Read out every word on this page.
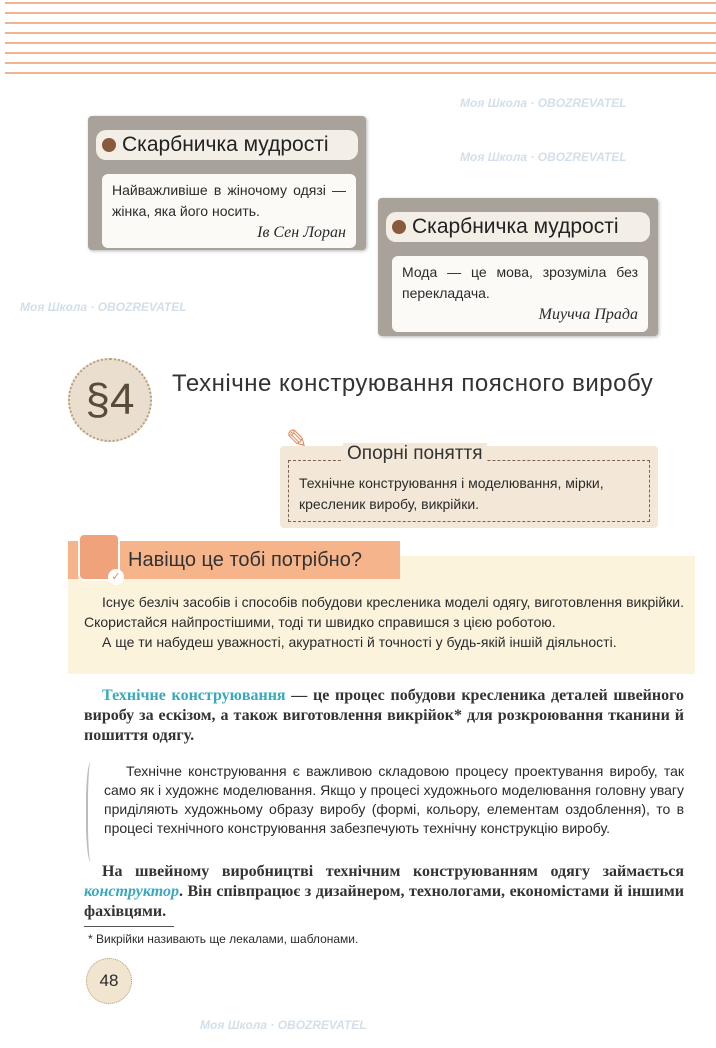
Моя Школа · OBOZREVATEL
Моя Школа · OBOZREVATEL
Моя Школа · OBOZREVATEL
Моя Школа · OBOZREVATEL
Скарбничка мудрості
Найважливіше в жіночому одязі — жінка, яка його носить.
Ів Сен Лоран	Скарбничка мудрості
Мода — це мова, зрозуміла без перекладача.
Миучча Прада
§4	Технічне конструювання поясного виробу
Опорні поняття
Технічне конструювання і моделювання, мірки, кресленик виробу, викрійки.
✎
Навіщо це тобі потрібно?
✓

Існує безліч засобів і способів побудови кресленика моделі одягу, виготовлення викрійки. Скористайся найпростішими, тоді ти швидко справишся з цією роботою.

А ще ти набудеш уважності, акуратності й точності у будь-якій іншій діяльності.

Технічне конструювання — це процес побудови кресленика деталей швейного виробу за ескізом, а також виготовлення викрійок* для розкроювання тканини й пошиття одягу.

Технічне конструювання є важливою складовою процесу проектування виробу, так само як і художнє моделювання. Якщо у процесі художнього моделювання головну увагу приділяють художньому образу виробу (формі, кольору, елементам оздоблення), то в процесі технічного конструювання забезпечують технічну конструкцію виробу.

На швейному виробництві технічним конструюванням одягу займається конструктор. Він співпрацює з дизайнером, технологами, економістами й іншими фахівцями.

* Викрійки називають ще лекалами, шаблонами.
48
